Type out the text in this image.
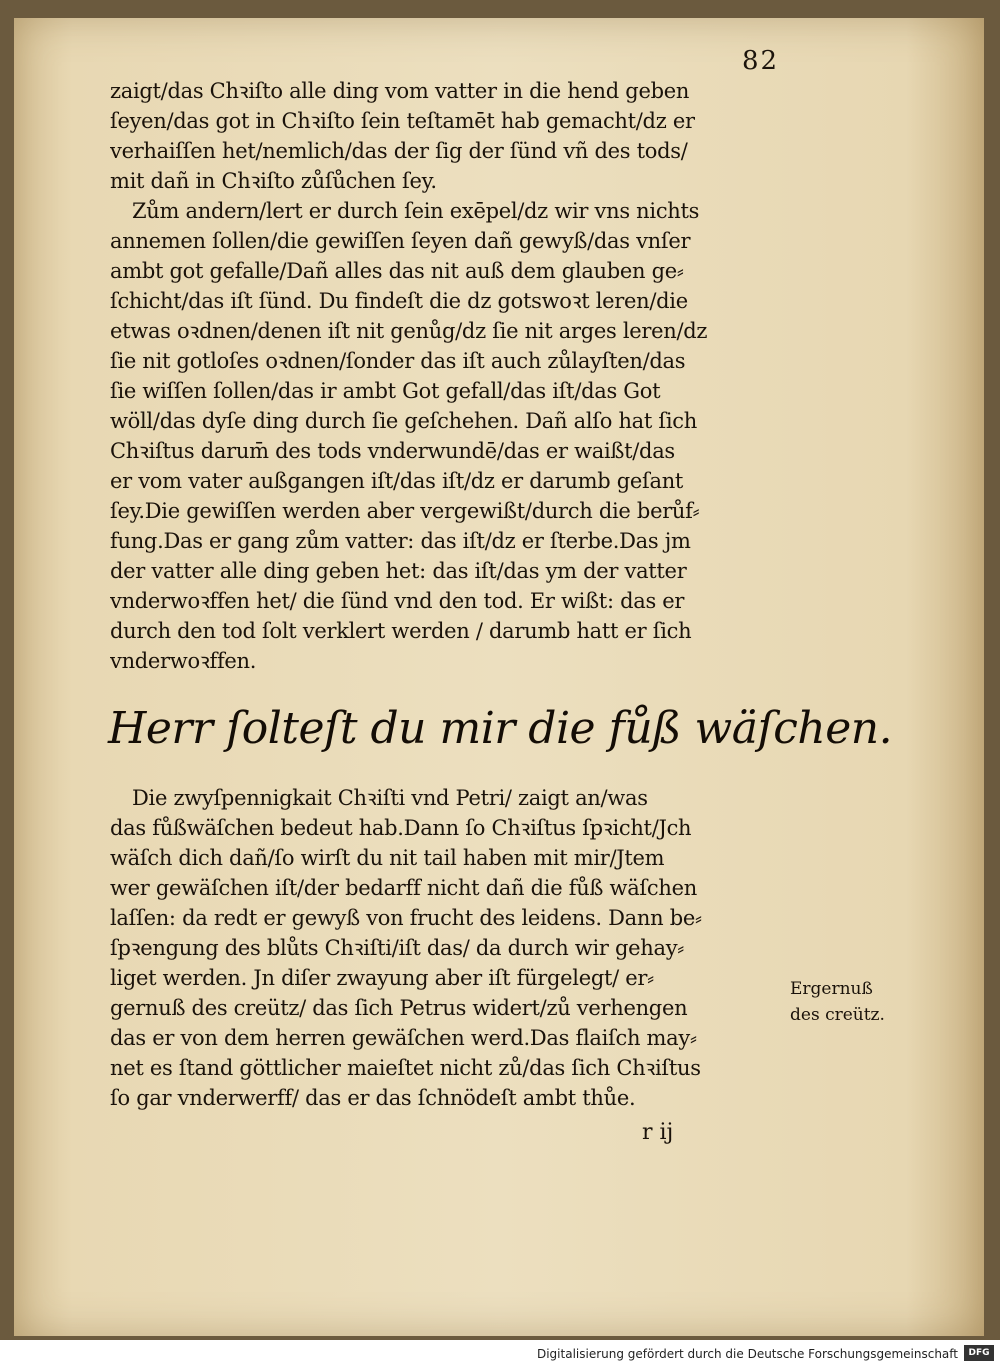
82
zaigt/das Chꝛiſto alle ding vom vatter in die hend geben
ſeyen/das got in Chꝛiſto ſein teſtamēt hab gemacht/dz er
verhaiſſen het/nemlich/das der ſig der ſünd vñ des tods/
mit dañ in Chꝛiſto zůſůchen ſey.
Zům andern/lert er durch ſein exēpel/dz wir vns nichts
annemen ſollen/die gewiſſen ſeyen dañ gewyß/das vnſer
ambt got gefalle/Dañ alles das nit auß dem glauben ge⸗
ſchicht/das iſt ſünd. Du findeſt die dz gotswoꝛt leren/die
etwas oꝛdnen/denen iſt nit genůg/dz ſie nit arges leren/dz
ſie nit gotloſes oꝛdnen/ſonder das iſt auch zůlayſten/das
ſie wiſſen ſollen/das ir ambt Got gefall/das iſt/das Got
wöll/das dyſe ding durch ſie geſchehen. Dañ alſo hat ſich
Chꝛiſtus darum̄ des tods vnderwundē/das er waißt/das
er vom vater außgangen iſt/das iſt/dz er darumb geſant
ſey.Die gewiſſen werden aber vergewißt/durch die berůf⸗
fung.Das er gang zům vatter: das iſt/dz er ſterbe.Das jm
der vatter alle ding geben het: das iſt/das ym der vatter
vnderwoꝛffen het/ die ſünd vnd den tod. Er wißt: das er
durch den tod ſolt verklert werden / darumb hatt er ſich
vnderwoꝛffen.
Herr ſolteſt du mir die fůß wäſchen.
Die zwyſpennigkait Chꝛiſti vnd Petri/ zaigt an/was
das fůßwäſchen bedeut hab.Dann ſo Chꝛiſtus ſpꝛicht/Jch
wäſch dich dañ/ſo wirſt du nit tail haben mit mir/Jtem
wer gewäſchen iſt/der bedarff nicht dañ die fůß wäſchen
laſſen: da redt er gewyß von frucht des leidens. Dann be⸗
ſpꝛengung des blůts Chꝛiſti/iſt das/ da durch wir gehay⸗
liget werden. Jn diſer zwayung aber iſt fürgelegt/ er⸗
gernuß des creütz/ das ſich Petrus widert/zů verhengen
das er von dem herren gewäſchen werd.Das flaiſch may⸗
net es ſtand göttlicher maieſtet nicht zů/das ſich Chꝛiſtus
ſo gar vnderwerff/ das er das ſchnödeſt ambt thůe.
Ergernuß
des creütz.
r ij
Digitalisierung gefördert durch die Deutsche Forschungsgemeinschaft	DFG
